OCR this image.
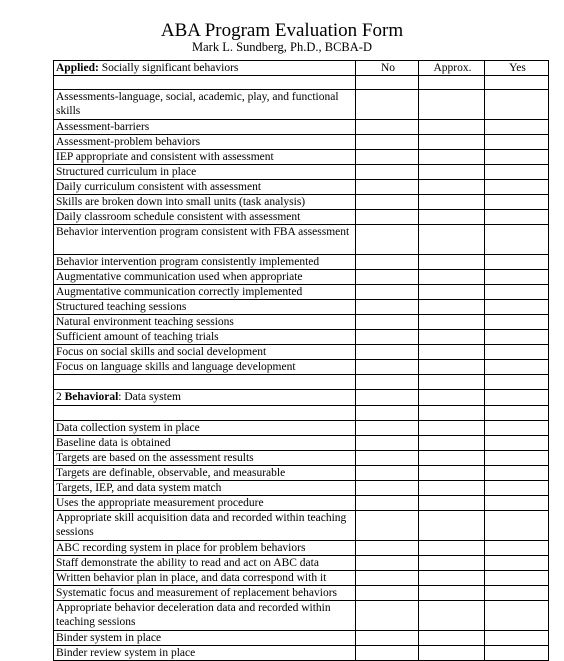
ABA Program Evaluation Form
Mark L. Sundberg, Ph.D., BCBA-D
Applied: Socially significant behaviors	No	Approx.	Yes

Assessments-language, social, academic, play, and functional skills			
Assessment-barriers			
Assessment-problem behaviors			
IEP appropriate and consistent with assessment			
Structured curriculum in place			
Daily curriculum consistent with assessment			
Skills are broken down into small units (task analysis)			
Daily classroom schedule consistent with assessment			
Behavior intervention program consistent with FBA assessment			
Behavior intervention program consistently implemented			
Augmentative communication used when appropriate			
Augmentative communication correctly implemented			
Structured teaching sessions			
Natural environment teaching sessions			
Sufficient amount of teaching trials			
Focus on social skills and social development			
Focus on language skills and language development			

2 Behavioral: Data system			

Data collection system in place			
Baseline data is obtained			
Targets are based on the assessment results			
Targets are definable, observable, and measurable			
Targets, IEP, and data system match			
Uses the appropriate measurement procedure			
Appropriate skill acquisition data and recorded within teaching sessions			
ABC recording system in place for problem behaviors			
Staff demonstrate the ability to read and act on ABC data			
Written behavior plan in place, and data correspond with it			
Systematic focus and measurement of replacement behaviors			
Appropriate behavior deceleration data and recorded within teaching sessions			
Binder system in place			
Binder review system in place			
